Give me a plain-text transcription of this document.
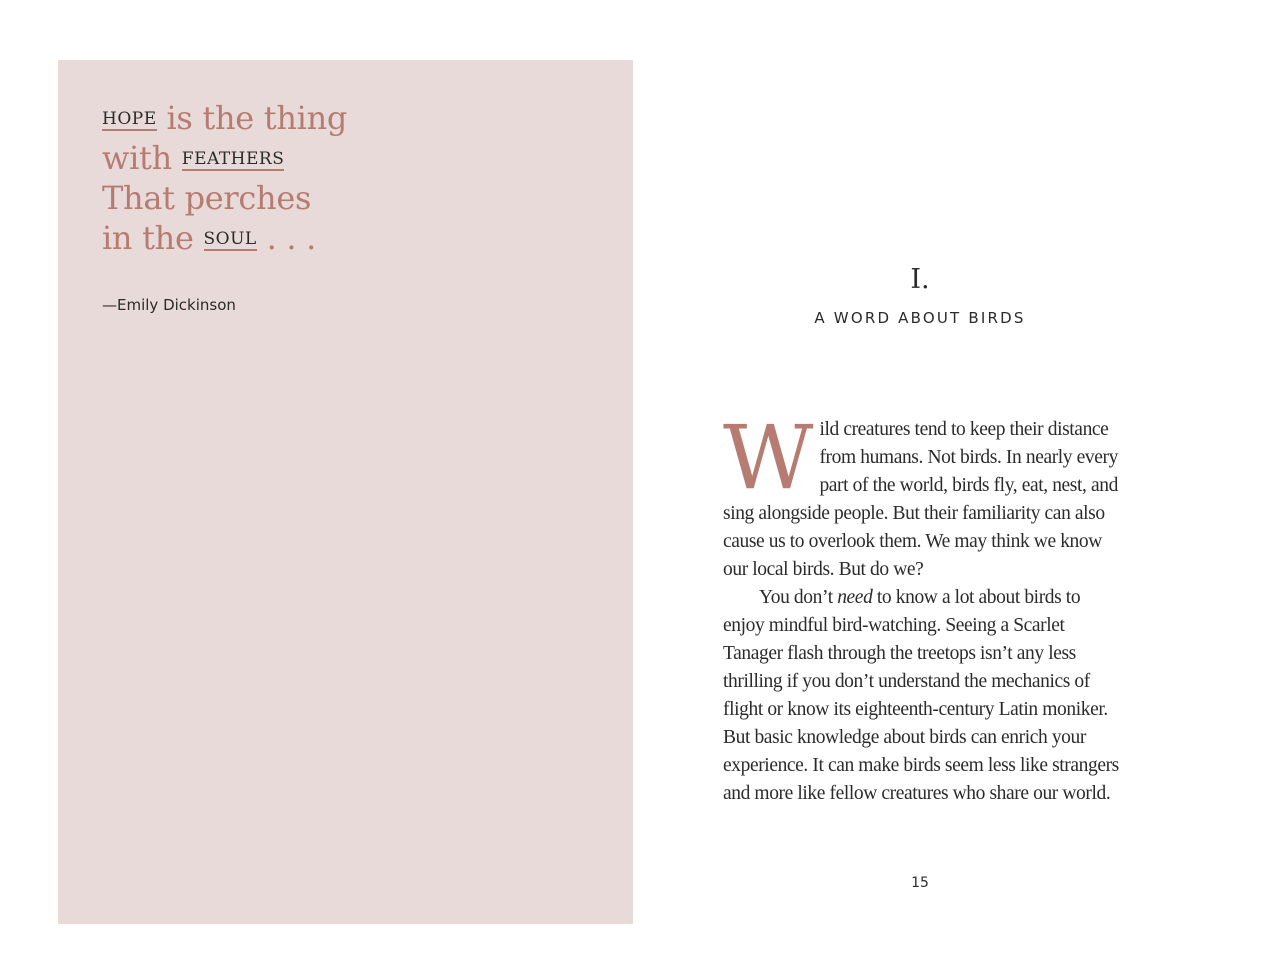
HOPE is the thing
with FEATHERS
That perches
in the SOUL . . .
—Emily Dickinson
I.
A WORD ABOUT BIRDS

Wild creatures tend to keep their distance from humans. Not birds. In nearly every part of the world, birds fly, eat, nest, and sing alongside people. But their familiarity can also cause us to overlook them. We may think we know our local birds. But do we?

You don’t need to know a lot about birds to enjoy mindful bird-watching. Seeing a Scarlet Tanager flash through the treetops isn’t any less thrilling if you don’t understand the mechanics of flight or know its eighteenth-century Latin moniker. But basic knowledge about birds can enrich your experience. It can make birds seem less like strangers and more like fellow creatures who share our world.

15
